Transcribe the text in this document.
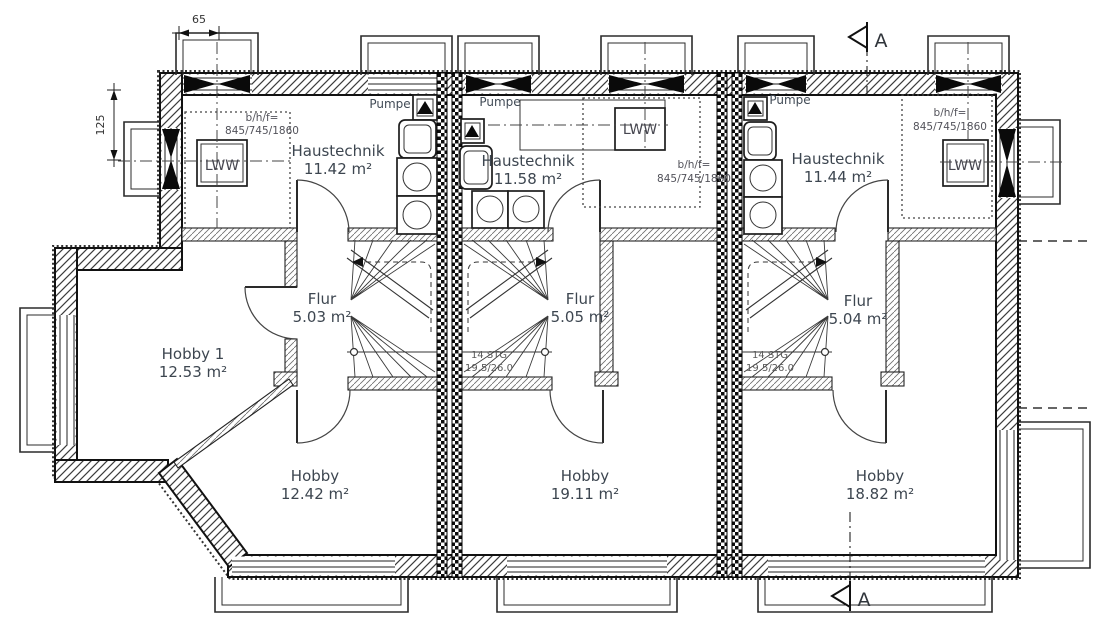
65
125
A
A
Haustechnik
11.42 m²	Haustechnik
11.58 m²
Haustechnik
11.44 m²
Flur
5.03 m²
Flur
5.05 m²
Flur
5.04 m²
Hobby 1
12.53 m²
Hobby
12.42 m²
Hobby
19.11 m²
Hobby
18.82 m²
Pumpe	Pumpe	Pumpe
LWW
LWW
LWW
b/h/f=
845/745/1860
b/h/f=
845/745/1860
b/h/f=
845/745/1860
14 STG
19.5/26.0
14 STG
19.5/26.0
